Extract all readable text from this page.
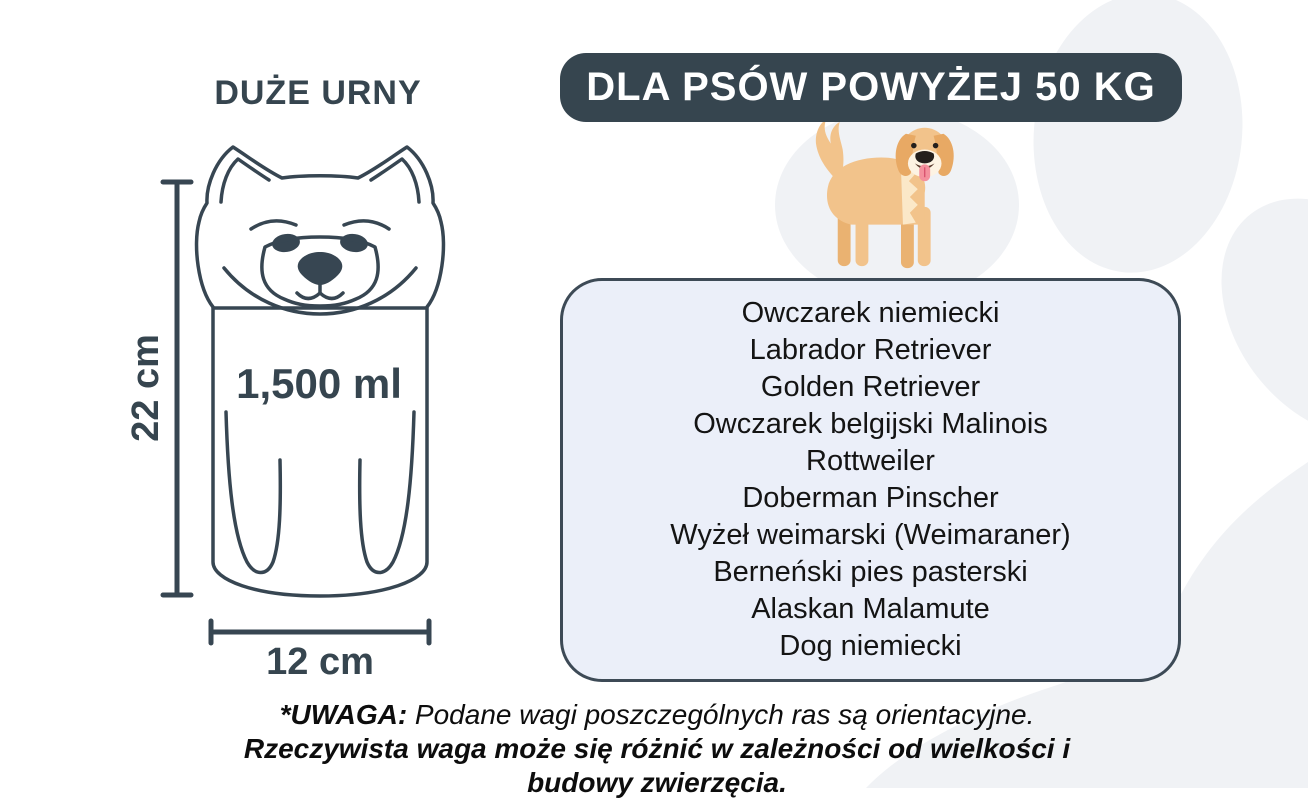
DUŻE URNY
1,500 ml
22 cm
12 cm
DLA PSÓW POWYŻEJ 50 KG
Owczarek niemiecki
Labrador Retriever
Golden Retriever
Owczarek belgijski Malinois
Rottweiler
Doberman Pinscher
Wyżeł weimarski (Weimaraner)
Berneński pies pasterski
Alaskan Malamute
Dog niemiecki

*UWAGA: Podane wagi poszczególnych ras są orientacyjne. Rzeczywista waga może się różnić w zależności od wielkości i budowy zwierzęcia.
